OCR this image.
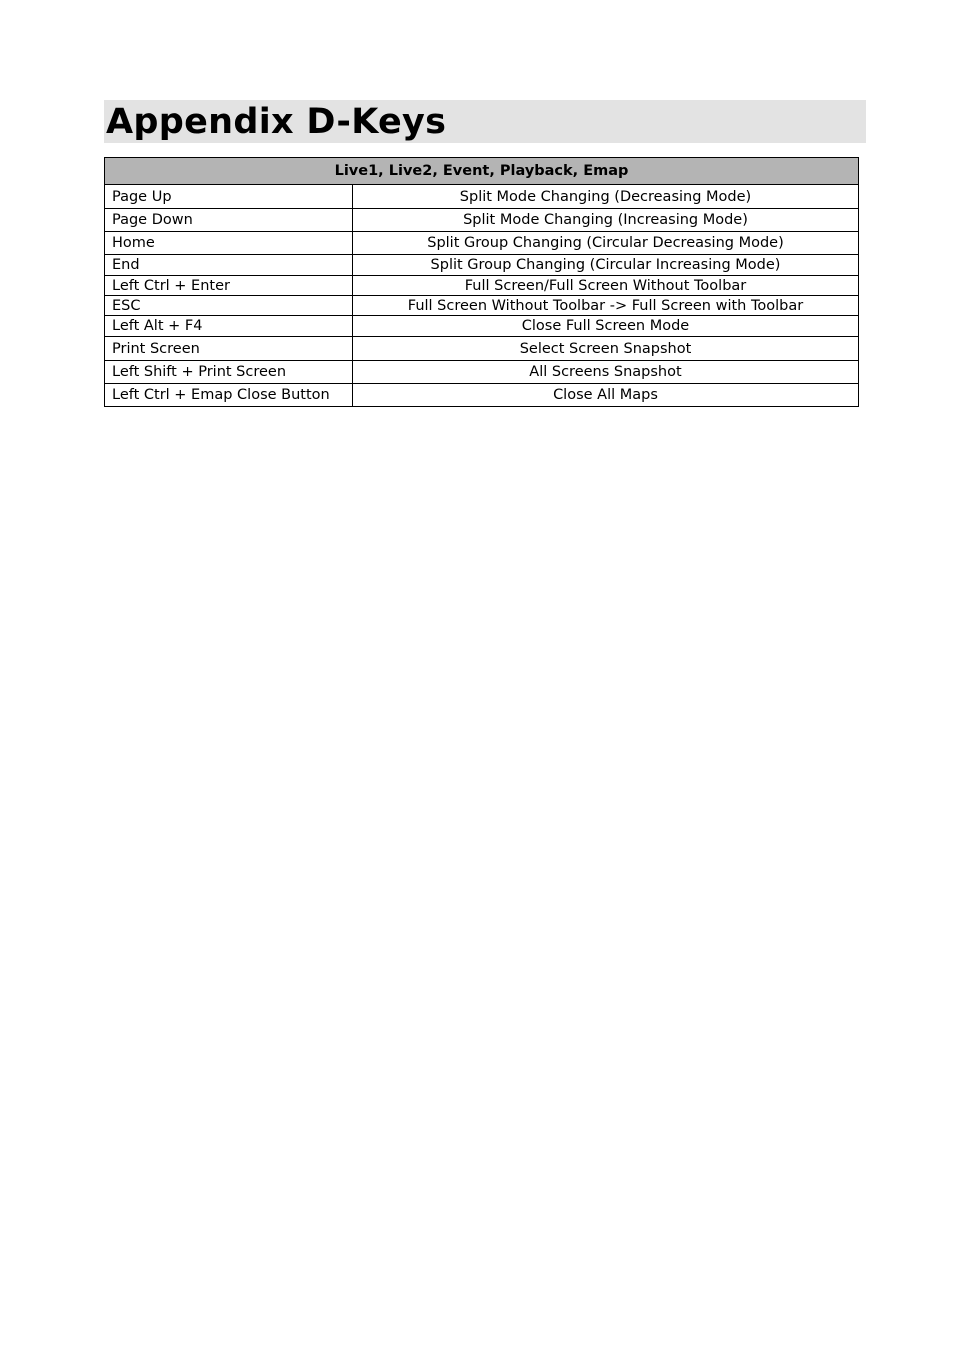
Appendix D-Keys
Live1, Live2, Event, Playback, Emap	
Page Up	Split Mode Changing (Decreasing Mode)
Page Down	Split Mode Changing (Increasing Mode)
Home	Split Group Changing (Circular Decreasing Mode)
End	Split Group Changing (Circular Increasing Mode)
Left Ctrl + Enter	Full Screen/Full Screen Without Toolbar
ESC	Full Screen Without Toolbar -> Full Screen with Toolbar
Left Alt + F4	Close Full Screen Mode
Print Screen	Select Screen Snapshot
Left Shift + Print Screen	All Screens Snapshot
Left Ctrl + Emap Close Button	Close All Maps
